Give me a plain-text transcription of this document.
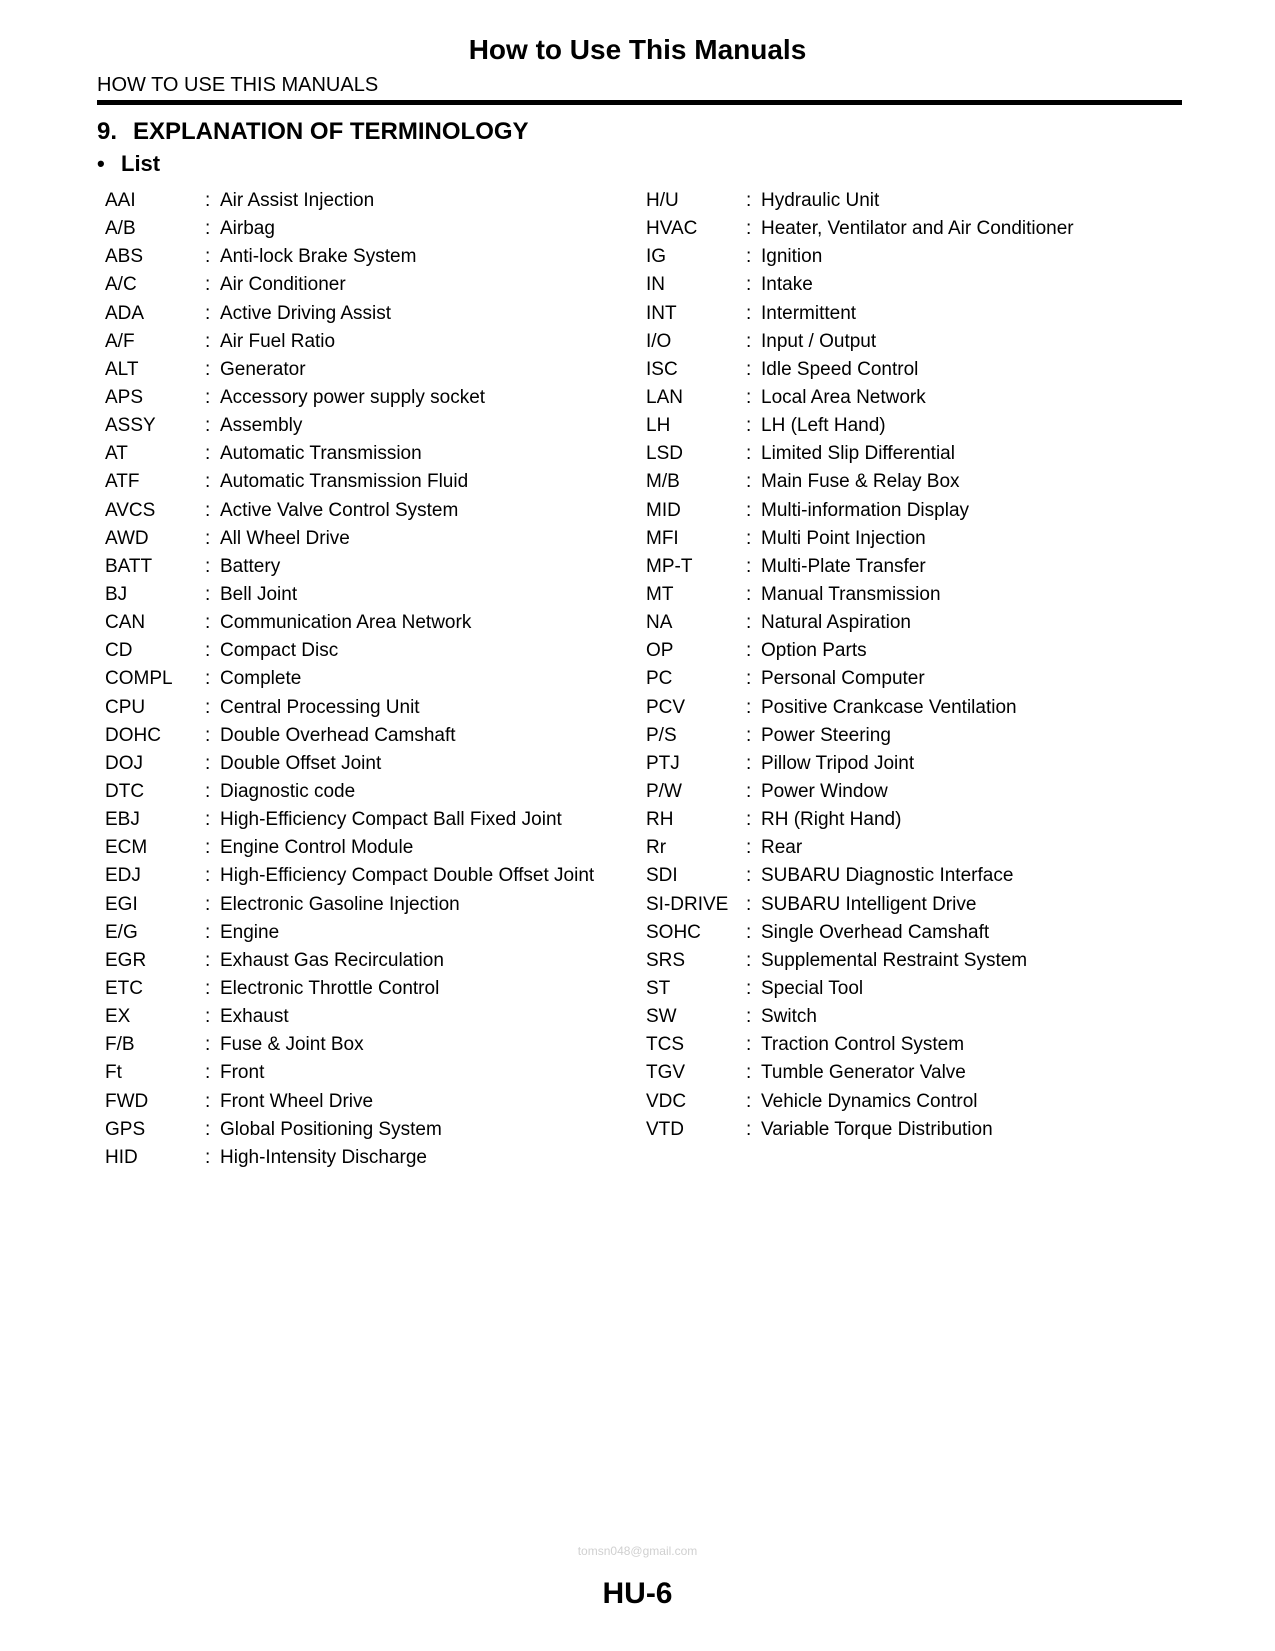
How to Use This Manuals
HOW TO USE THIS MANUALS
9. EXPLANATION OF TERMINOLOGY
• List
AAI	: Air Assist Injection
A/B	: Airbag
ABS	: Anti-lock Brake System
A/C	: Air Conditioner
ADA	: Active Driving Assist
A/F	: Air Fuel Ratio
ALT	: Generator
APS	: Accessory power supply socket
ASSY	: Assembly
AT	: Automatic Transmission
ATF	: Automatic Transmission Fluid
AVCS	: Active Valve Control System
AWD	: All Wheel Drive
BATT	: Battery
BJ	: Bell Joint
CAN	: Communication Area Network
CD	: Compact Disc
COMPL	: Complete
CPU	: Central Processing Unit
DOHC	: Double Overhead Camshaft
DOJ	: Double Offset Joint
DTC	: Diagnostic code
EBJ	: High-Efficiency Compact Ball Fixed Joint
ECM	: Engine Control Module
EDJ	: High-Efficiency Compact Double Offset Joint
EGI	: Electronic Gasoline Injection
E/G	: Engine
EGR	: Exhaust Gas Recirculation
ETC	: Electronic Throttle Control
EX	: Exhaust
F/B	: Fuse & Joint Box
Ft	: Front
FWD	: Front Wheel Drive
GPS	: Global Positioning System
HID	: High-Intensity Discharge
H/U	: Hydraulic Unit
HVAC	: Heater, Ventilator and Air Conditioner
IG	: Ignition
IN	: Intake
INT	: Intermittent
I/O	: Input / Output
ISC	: Idle Speed Control
LAN	: Local Area Network
LH	: LH (Left Hand)
LSD	: Limited Slip Differential
M/B	: Main Fuse & Relay Box
MID	: Multi-information Display
MFI	: Multi Point Injection
MP-T	: Multi-Plate Transfer
MT	: Manual Transmission
NA	: Natural Aspiration
OP	: Option Parts
PC	: Personal Computer
PCV	: Positive Crankcase Ventilation
P/S	: Power Steering
PTJ	: Pillow Tripod Joint
P/W	: Power Window
RH	: RH (Right Hand)
Rr	: Rear
SDI	: SUBARU Diagnostic Interface
SI-DRIVE : SUBARU Intelligent Drive
SOHC	: Single Overhead Camshaft
SRS	: Supplemental Restraint System
ST	: Special Tool
SW	: Switch
TCS	: Traction Control System
TGV	: Tumble Generator Valve
VDC	: Vehicle Dynamics Control
VTD	: Variable Torque Distribution
tomsn048@gmail.com
HU-6
